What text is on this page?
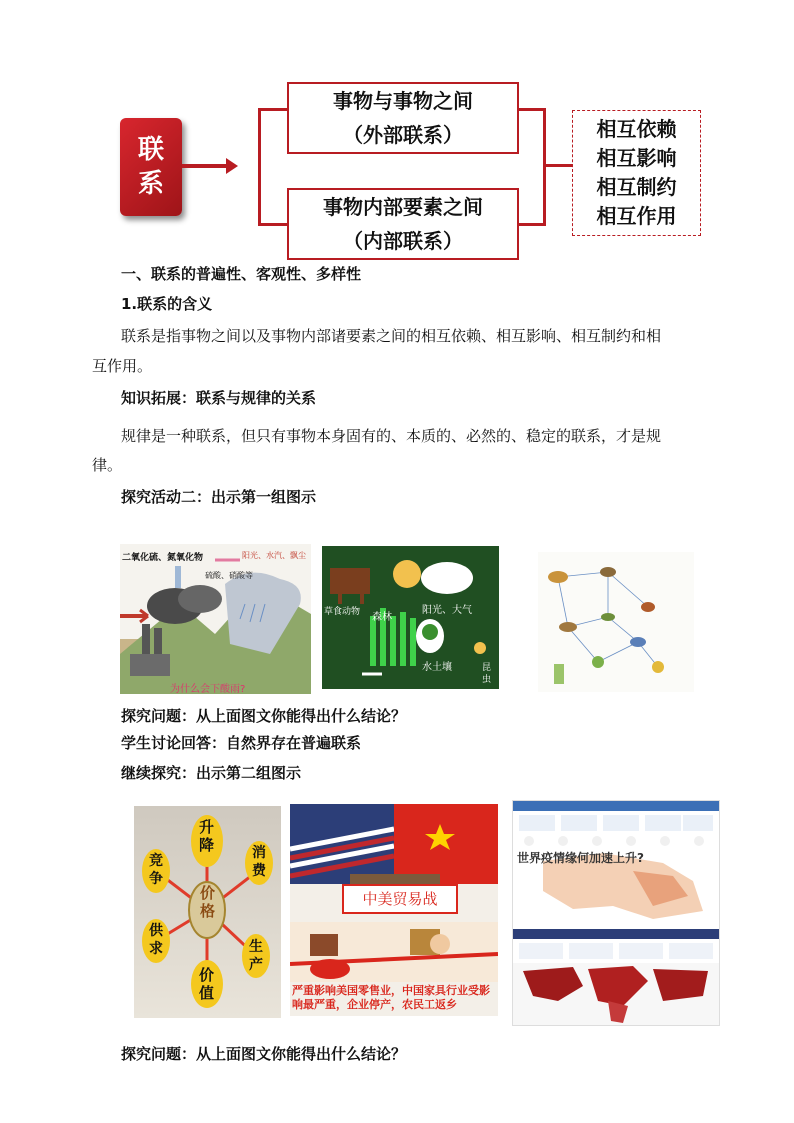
联
系
事物与事物之间
（外部联系）
事物内部要素之间
（内部联系）
相互依赖
相互影响
相互制约
相互作用

一、联系的普遍性、客观性、多样性

1.联系的含义

联系是指事物之间以及事物内部诸要素之间的相互依赖、相互影响、相互制约和相

互作用。

知识拓展：联系与规律的关系

规律是一种联系，但只有事物本身固有的、本质的、必然的、稳定的联系，才是规

律。

探究活动二：出示第一组图示

二氧化硫、氮氧化物	阳光、水汽、飘尘
硫酸、硝酸等
为什么会下酸雨?
阳光、大气
草食动物 森林
水土壤	昆虫

探究问题：从上面图文你能得出什么结论？

学生讨论回答：自然界存在普遍联系

继续探究：出示第二组图示

价格
升降	消费
生产
价值
供求
竞争
中美贸易战
严重影响美国零售业，中国家具行业受影响最严重，企业停产，农民工返乡
世界疫情缘何加速上升?

探究问题：从上面图文你能得出什么结论？
